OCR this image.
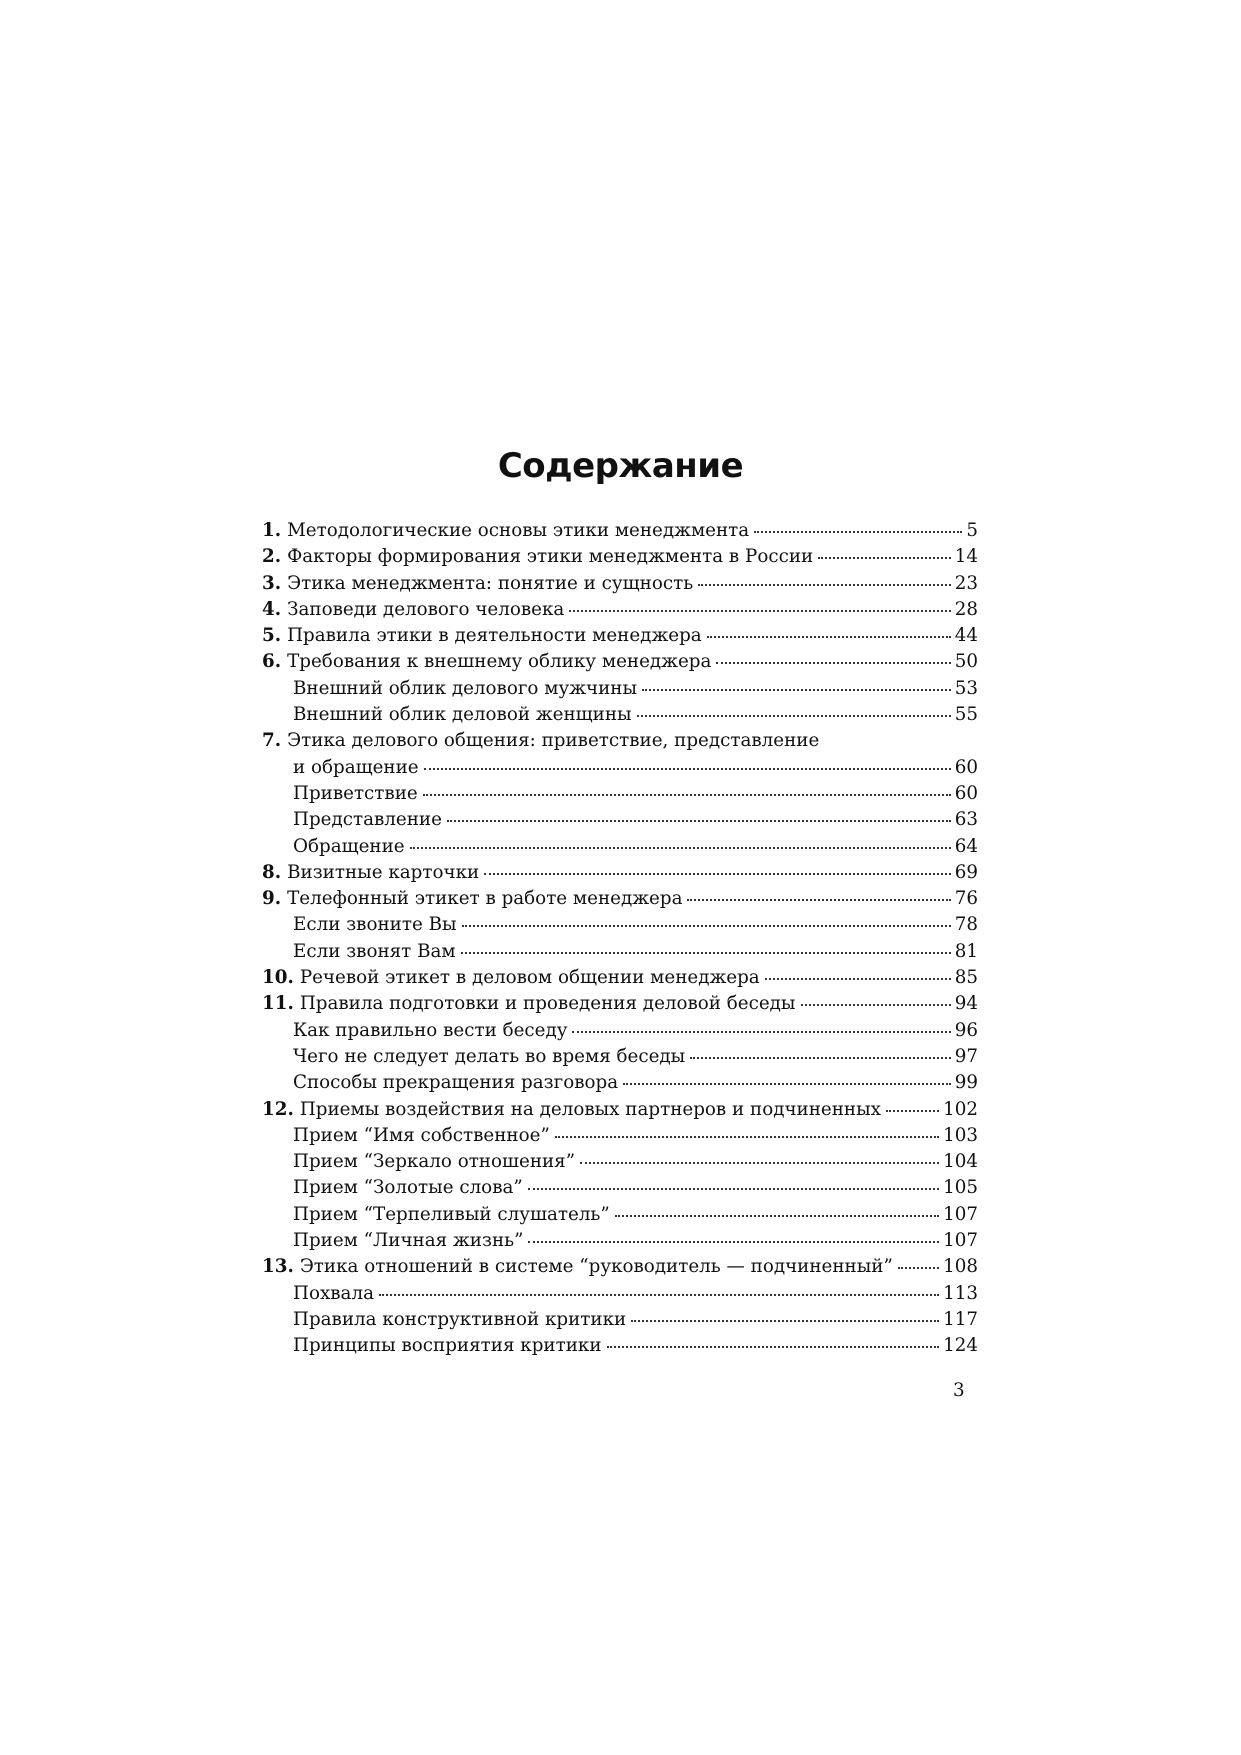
Содержание
1. Методологические основы этики менеджмента	5
2. Факторы формирования этики менеджмента в России	14
3. Этика менеджмента: понятие и сущность	23
4. Заповеди делового человека	28
5. Правила этики в деятельности менеджера	44
6. Требования к внешнему облику менеджера	50
Внешний облик делового мужчины	53
Внешний облик деловой женщины	55
7. Этика делового общения: приветствие, представление
и обращение	60
Приветствие	60
Представление	63
Обращение	64
8. Визитные карточки	69
9. Телефонный этикет в работе менеджера	76
Если звоните Вы	78
Если звонят Вам	81
10. Речевой этикет в деловом общении менеджера	85
11. Правила подготовки и проведения деловой беседы	94
Как правильно вести беседу	96
Чего не следует делать во время беседы	97
Способы прекращения разговора	99
12. Приемы воздействия на деловых партнеров и подчиненных	102
Прием “Имя собственное”	103
Прием “Зеркало отношения”	104
Прием “Золотые слова”	105
Прием “Терпеливый слушатель”	107
Прием “Личная жизнь”	107
13. Этика отношений в системе “руководитель — подчиненный”	108
Похвала	113
Правила конструктивной критики	117
Принципы восприятия критики	124
3
